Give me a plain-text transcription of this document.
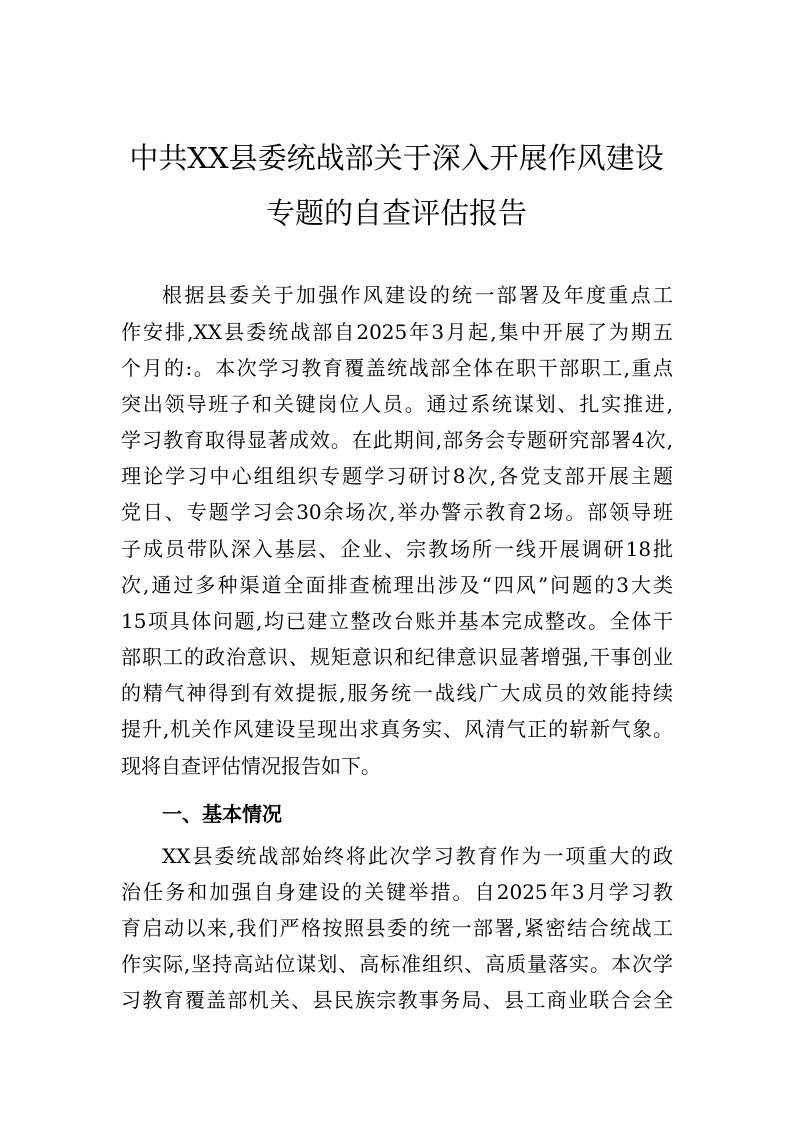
中共XX县委统战部关于深入开展作风建设
专题的自查评估报告
根据县委关于加强作风建设的统一部署及年度重点工
作安排,XX县委统战部自2025年3月起,集中开展了为期五
个月的:。本次学习教育覆盖统战部全体在职干部职工,重点
突出领导班子和关键岗位人员。通过系统谋划、扎实推进,
学习教育取得显著成效。在此期间,部务会专题研究部署4次,
理论学习中心组组织专题学习研讨8次,各党支部开展主题
党日、专题学习会30余场次,举办警示教育2场。部领导班
子成员带队深入基层、企业、宗教场所一线开展调研18批
次,通过多种渠道全面排查梳理出涉及“四风”问题的3大类
15项具体问题,均已建立整改台账并基本完成整改。全体干
部职工的政治意识、规矩意识和纪律意识显著增强,干事创业
的精气神得到有效提振,服务统一战线广大成员的效能持续
提升,机关作风建设呈现出求真务实、风清气正的崭新气象。
现将自查评估情况报告如下。
一、基本情况
XX县委统战部始终将此次学习教育作为一项重大的政
治任务和加强自身建设的关键举措。自2025年3月学习教
育启动以来,我们严格按照县委的统一部署,紧密结合统战工
作实际,坚持高站位谋划、高标准组织、高质量落实。本次学
习教育覆盖部机关、县民族宗教事务局、县工商业联合会全
